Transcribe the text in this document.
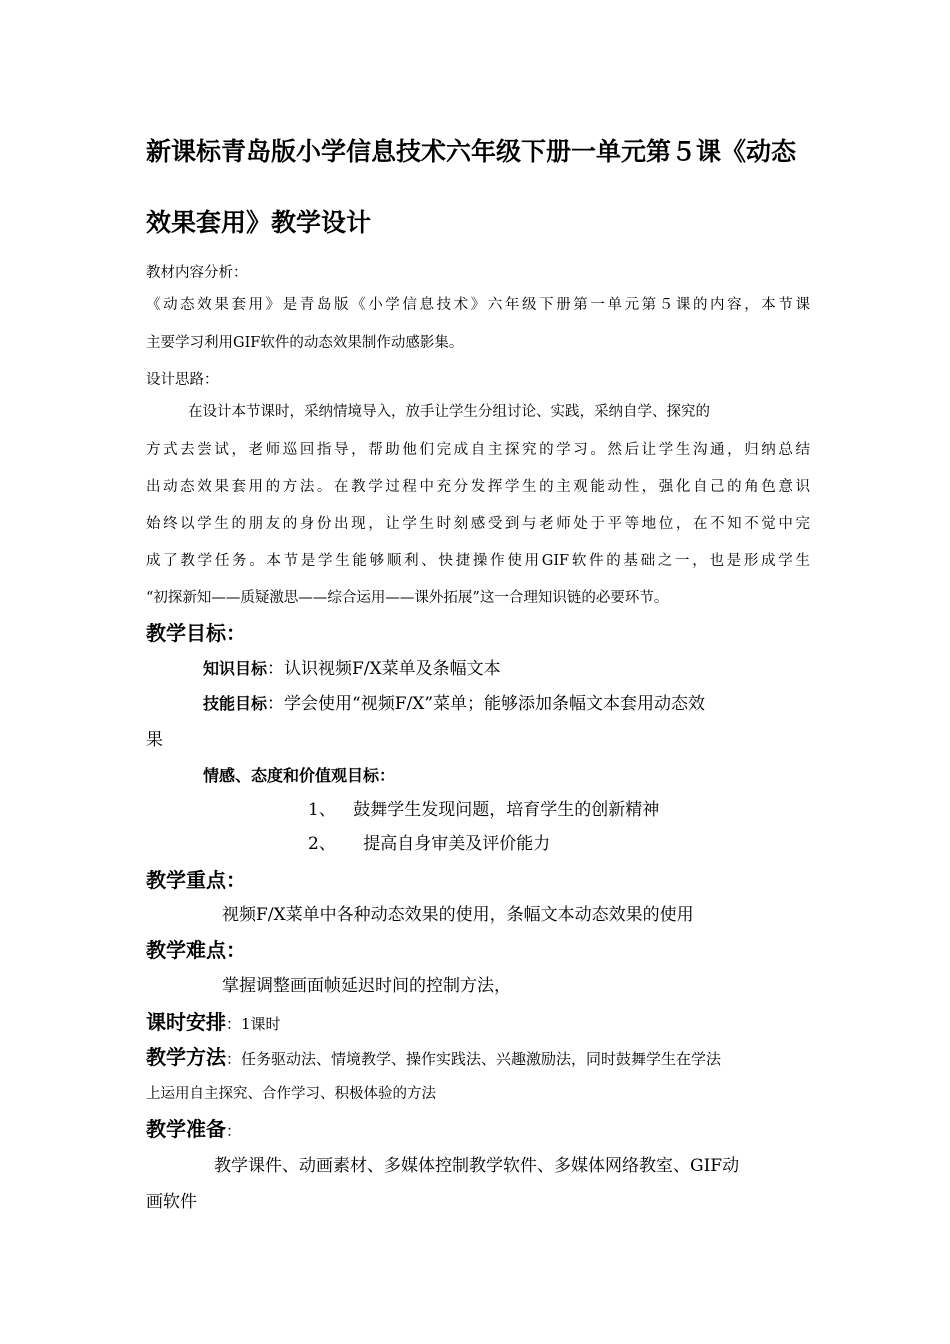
新课标青岛版小学信息技术六年级下册一单元第５课《动态
效果套用》教学设计
教材内容分析：
《动态效果套用》是青岛版《小学信息技术》六年级下册第一单元第５课的内容，本节课
主要学习利用GIF软件的动态效果制作动感影集。
设计思路：
在设计本节课时，采纳情境导入，放手让学生分组讨论、实践，采纳自学、探究的
方式去尝试，老师巡回指导，帮助他们完成自主探究的学习。然后让学生沟通，归纳总结
出动态效果套用的方法。在教学过程中充分发挥学生的主观能动性，强化自己的角色意识
始终以学生的朋友的身份出现，让学生时刻感受到与老师处于平等地位，在不知不觉中完
成了教学任务。本节是学生能够顺利、快捷操作使用GIF软件的基础之一，也是形成学生
“初探新知——质疑激思——综合运用——课外拓展”这一合理知识链的必要环节。
教学目标：
知识目标：认识视频F/X菜单及条幅文本
技能目标：学会使用“视频F/X”菜单；能够添加条幅文本套用动态效
果
情感、态度和价值观目标：
1、 鼓舞学生发现问题，培育学生的创新精神
2、 提高自身审美及评价能力
教学重点：
视频F/X菜单中各种动态效果的使用，条幅文本动态效果的使用
教学难点：
掌握调整画面帧延迟时间的控制方法，
课时安排：1课时
教学方法：任务驱动法、情境教学、操作实践法、兴趣激励法，同时鼓舞学生在学法
上运用自主探究、合作学习、积极体验的方法
教学准备：
教学课件、动画素材、多媒体控制教学软件、多媒体网络教室、GIF动
画软件
